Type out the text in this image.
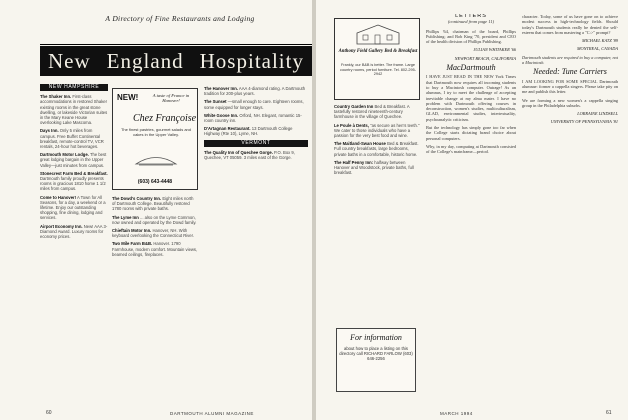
A Directory of Fine Restaurants and Lodging
New England Hospitality
NEW HAMPSHIRE
The Shaker Inn. First-class accommodations in restored Shaker existing rooms in the great stone dwelling, or lakeside Victorian suites in the Mary Keane House overlooking Lake Mascoma.
Days Inn. Only 5 miles from campus. Free Buffet Continental breakfast, remote-control TV, VCR rentals, 24-hour hot beverages.
Dartmouth Motor Lodge. The best great lodging bargain in the Upper Valley—just minutes from campus.
Stonecrest Farm Bed & Breakfast. Dartmouth family proudly presents rooms in gracious 1810 home 1 1/2 miles from campus.
Come to Hanover! A Town for All Seasons, for a day, a weekend or a lifetime. Enjoy our outstanding shopping, fine dining, lodging and services.
Airport Economy Inn. New! AAA 3-Diamond Award. Luxury rooms for economy prices.
NEW!	A taste of France in Hanover!
Chez Françoise
The finest pastries, gourmet salads and cakes in the Upper Valley.
(603) 643-4448
The Dowd's Country Inn. Eight miles north of Dartmouth College. Beautifully restored 1780 rooms with private baths.
The Lyme Inn ... also on the Lyme Common, now owned and operated by the Dowd family.
Chieftain Motor Inn. Hanover, NH. With keyboard overlooking the Connecticut River.
Two Mile Farm B&B. Hanover. 1790 Farmhouse, modern comfort. Mountain views, beamed ceilings, fireplaces.
The Hanover Inn. AAA 4-diamond rating. A Dartmouth tradition for 200-plus years.
The Sunset —small enough to care. Eighteen rooms, some equipped for longer stays.
White Goose Inn. Orford, NH. Elegant, romantic 15-room country inn.
D'Artagnan Restaurant. 13 Dartmouth College Highway (Rte 10), Lyme, NH.
VERMONT
The Quality Inn of Quechee Gorge. P.O. Box 9, Quechee, VT 05059. 3 miles east of the Gorge.
60	DARTMOUTH ALUMNI MAGAZINE
Anthony Field Gallery Bed & Breakfast
Frankly, our B&B is better. The frame. Large country rooms, period furniture. Tel. 802-295-2942
Country Garden Inn Bed & Breakfast. A tastefully restored nineteenth-century farmhouse in the village of Quechee.
Le Poule à Dents, "as secure as hen's teeth." We cater to those individuals who have a passion for the very best food and wine.
The Maitland-Swan House Bed & Breakfast. Full country breakfasts, large bedrooms, private baths in a comfortable, historic home.
The Half Penny Inn: halfway between Hanover and Woodstock, private baths, full breakfast.
For information
about how to place a listing on this directory call RICHARD FARLOW (603) 646-2256
LETTERS
(continued from page 11)
Phillips '64, chairman of the board, Phillips Publishing; and Bob King '70, president and CEO of the health division of Phillips Publishing.
JULIAN WHITAKER '66
NEWPORT BEACH, CALIFORNIA
MacDartmouth
I HAVE JUST READ IN THE NEW York Times that Dartmouth now requires all incoming students to buy a Macintosh computer. Outrage! As an alumnus, I try to meet the challenge of accepting inevitable change at my alma mater. I have no problem with Dartmouth offering courses in deconstruction, women's studies, multiculturalism, GLAD, environmental studies, intertextuality, psychoanalytic criticism.
But the technology has simply gone too far when the College starts dictating brand choice about personal computers.
Why, in my day, computing at Dartmouth consisted of the College's mainframe—period.
character. Today, some of us have gone on to achieve modest success in high-technology fields. Should today's Dartmouth students really be denied the self-esteem that comes from mastering a "C:>" prompt?
MICHAEL KATZ '89
MONTREAL, CANADA
Dartmouth students are required to buy a computer, not a Macintosh.
Needed: Tune Carriers
I AM LOOKING FOR SOME SPECIAL Dartmouth alumnae: former a cappella singers. Please take pity on me and publish this letter.
We are forming a new women's a cappella singing group in the Philadelphia suburbs.
LORRAINE LINDSELL
UNIVERSITY OF PENNSYLVANIA '81
MARCH 1994	61
